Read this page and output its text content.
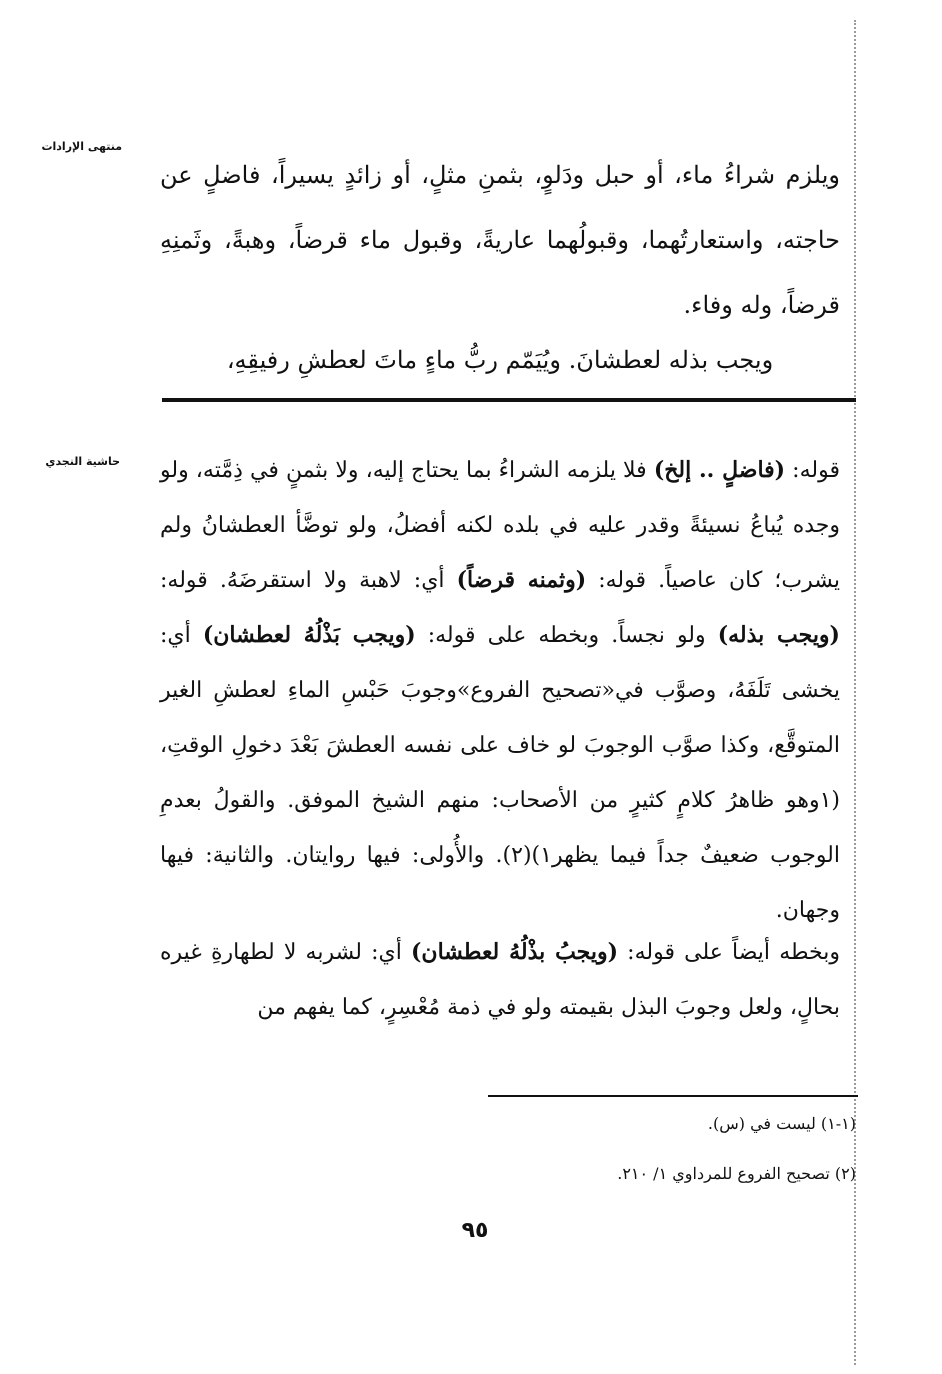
منتهى الإرادات

ويلزم شراءُ ماء، أو حبل ودَلوٍ، بثمنِ مثلٍ، أو زائدٍ يسيراً، فاضلٍ عن حاجته، واستعارتُهما، وقبولُهما عاريةً، وقبول ماء قرضاً، وهبةً، وثَمنِهِ قرضاً، وله وفاء.

ويجب بذله لعطشانَ. ويُيَمّم ربُّ ماءٍ ماتَ لعطشِ رفيقِهِ،

حاشية النجدي	قوله: (فاضلٍ .. إلخ) فلا يلزمه الشراءُ بما يحتاج إليه، ولا بثمنٍ في ذِمَّته، ولو وجده يُباعُ نسيئةً وقدر عليه في بلده لكنه أفضلُ، ولو توضَّأ العطشانُ ولم يشرب؛ كان عاصياً. قوله: (وثمنه قرضاً) أي: لاهبة ولا استقرضَهُ. قوله: (ويجب بذله) ولو نجساً. وبخطه على قوله: (ويجب بَذْلُهُ لعطشان) أي: يخشى تَلَفَهُ، وصوَّب في«تصحيح الفروع»وجوبَ حَبْسِ الماءِ لعطشِ الغير المتوقَّع، وكذا صوَّب الوجوبَ لو خاف على نفسه العطشَ بَعْدَ دخولِ الوقتِ، (١وهو ظاهرُ كلامٍ كثيرٍ من الأصحاب: منهم الشيخ الموفق. والقولُ بعدمِ الوجوب ضعيفٌ جداً فيما يظهر١)(٢). والأُولى: فيها روايتان. والثانية: فيها وجهان.

وبخطه أيضاً على قوله: (ويجبُ بذْلُهُ لعطشان) أي: لشربه لا لطهارةِ غيره بحالٍ، ولعل وجوبَ البذل بقيمته ولو في ذمة مُعْسِرٍ، كما يفهم من

(١-١) ليست في (س).
(٢) تصحيح الفروع للمرداوي ١/ ٢١٠.
٩٥
